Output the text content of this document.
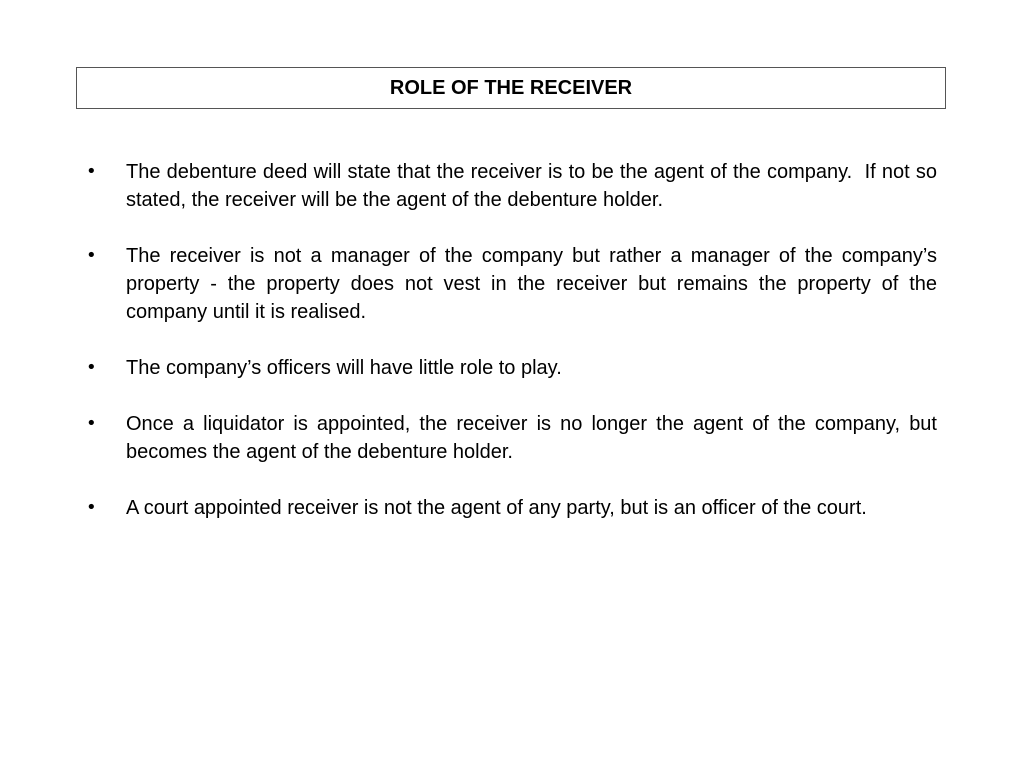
ROLE OF THE RECEIVER
• The debenture deed will state that the receiver is to be the agent of the company.  If not so stated, the receiver will be the agent of the debenture holder.
• The receiver is not a manager of the company but rather a manager of the company’s property - the property does not vest in the receiver but remains the property of the company until it is realised.
• The company’s officers will have little role to play.
• Once a liquidator is appointed, the receiver is no longer the agent of the company, but becomes the agent of the debenture holder.
• A court appointed receiver is not the agent of any party, but is an officer of the court.
